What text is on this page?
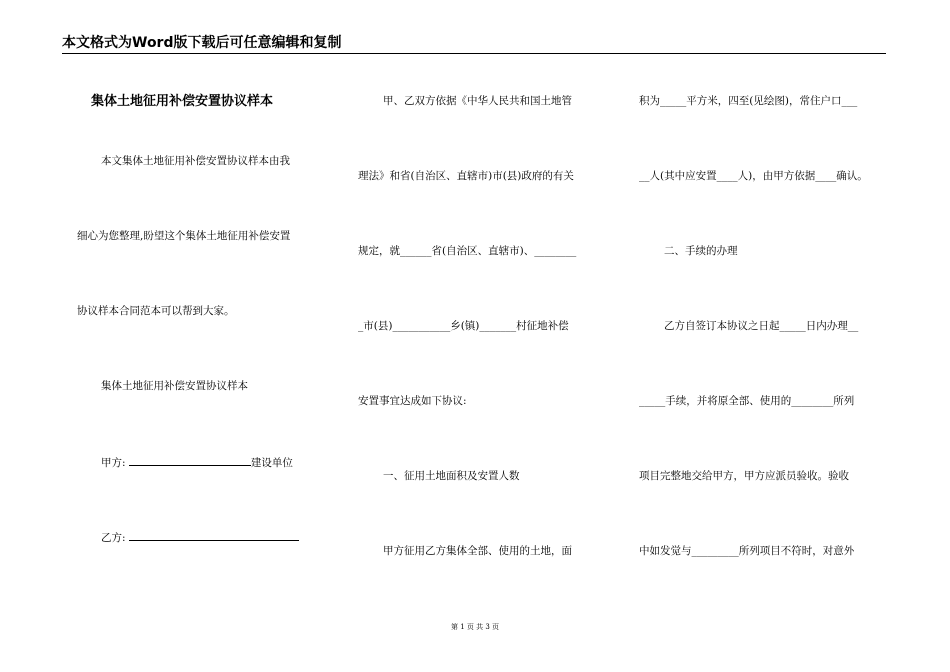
本文格式为Word版下载后可任意编辑和复制
集体土地征用补偿安置协议样本
本文集体土地征用补偿安置协议样本由我
细心为您整理,盼望这个集体土地征用补偿安置
协议样本合同范本可以帮到大家。
集体土地征用补偿安置协议样本
甲方:	建设单位
乙方:
甲、乙双方依据《中华人民共和国土地管
理法》和省(自治区、直辖市)市(县)政府的有关
规定，就______省(自治区、直辖市)、________
_市(县)___________乡(镇)_______村征地补偿
安置事宜达成如下协议:
一、征用土地面积及安置人数
甲方征用乙方集体全部、使用的土地，面
积为_____平方米，四至(见绘图)，常住户口___
__人(其中应安置____人)，由甲方依据____确认。
二、手续的办理
乙方自签订本协议之日起_____日内办理__
_____手续，并将原全部、使用的________所列
项目完整地交给甲方，甲方应派员验收。验收
中如发觉与_________所列项目不符时，对意外
第 1 页 共 3 页
